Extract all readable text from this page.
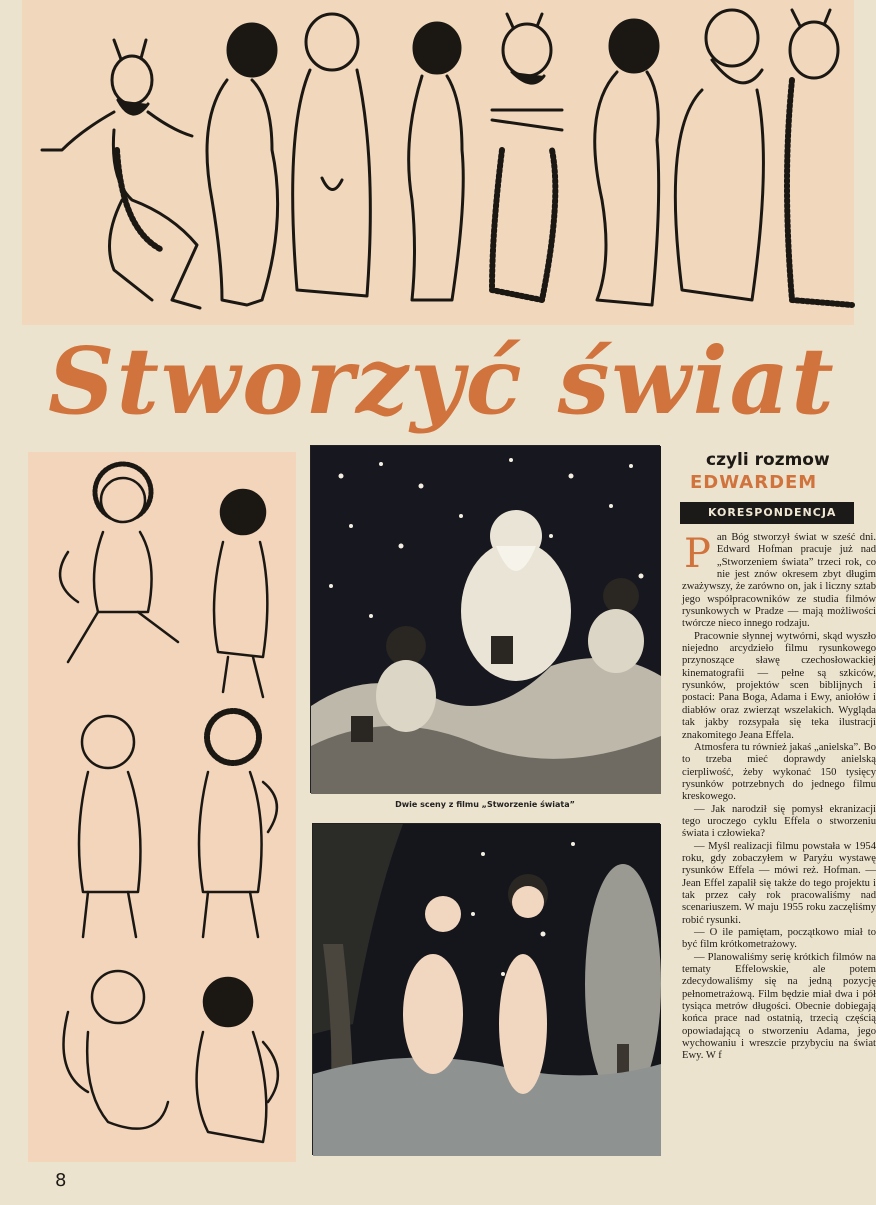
Stworzyć świat
Dwie sceny z filmu „Stworzenie świata”
czyli rozmow
EDWARDEM
KORESPONDENCJA
P an Bóg stworzył świat w sześć dni. Edward Hofman pracuje już nad „Stworzeniem świata” trzeci rok, co nie jest znów okresem zbyt długim zważywszy, że zarówno on, jak i liczny sztab jego współpracowników ze studia filmów rysunkowych w Pradze — mają możliwości twórcze nieco innego rodzaju.

Pracownie słynnej wytwórni, skąd wyszło niejedno arcydzieło filmu rysunkowego przynoszące sławę czechosłowackiej kinematografii — pełne są szkiców, rysunków, projektów scen biblijnych i postaci: Pana Boga, Adama i Ewy, aniołów i diabłów oraz zwierząt wszelakich. Wygląda tak jakby rozsypała się teka ilustracji znakomitego Jeana Effela.

Atmosfera tu również jakaś „anielska”. Bo to trzeba mieć doprawdy anielską cierpliwość, żeby wykonać 150 tysięcy rysunków potrzebnych do jednego filmu kreskowego.

— Jak narodził się pomysł ekranizacji tego uroczego cyklu Effela o stworzeniu świata i człowieka?

— Myśl realizacji filmu powstała w 1954 roku, gdy zobaczyłem w Paryżu wystawę rysunków Effela — mówi reż. Hofman. — Jean Effel zapalił się także do tego projektu i tak przez cały rok pracowaliśmy nad scenariuszem. W maju 1955 roku zaczęliśmy robić rysunki.

— O ile pamiętam, początkowo miał to być film krótkometrażowy.

— Planowaliśmy serię krótkich filmów na tematy Effelowskie, ale potem zdecydowaliśmy się na jedną pozycję pełnometrażową. Film będzie miał dwa i pół tysiąca metrów długości. Obecnie dobiegają końca prace nad ostatnią, trzecią częścią opowiadającą o stworzeniu Adama, jego wychowaniu i wreszcie przybyciu na świat Ewy. W f

8
